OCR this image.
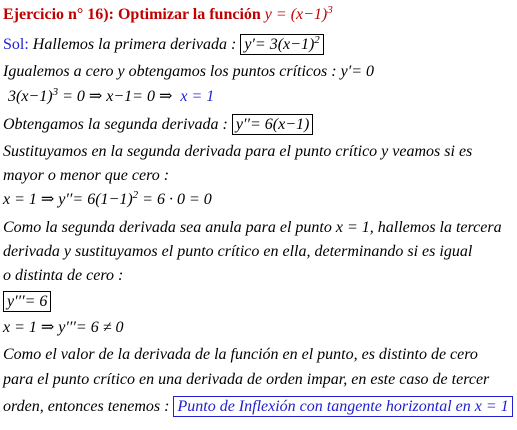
Ejercicio n° 16): Optimizar la función $y = (x-1)^3$
Sol: Hallemos la primera derivada : $y'= 3(x-1)^2$
Igualemos a cero y obtengamos los puntos críticos : y′= 0
$3(x-1)^3 = 0$ ⇒ x−1= 0 ⇒ x = 1
Obtengamos la segunda derivada : y′′= 6(x−1)
Sustituyamos en la segunda derivada para el punto crítico y veamos si es
mayor o menor que cero :
x = 1 ⇒ $y''= 6(1-1)^2 = 6 \cdot 0 = 0$
Como la segunda derivada sea anula para el punto x = 1, hallemos la tercera
derivada y sustituyamos el punto crítico en ella, determinando si es igual
o distinta de cero :
y′′′= 6
x = 1 ⇒ y′′′= 6 ≠ 0
Como el valor de la derivada de la función en el punto, es distinto de cero
para el punto crítico en una derivada de orden impar, en este caso de tercer
orden, entonces tenemos : Punto de Inflexión con tangente horizontal en x = 1
